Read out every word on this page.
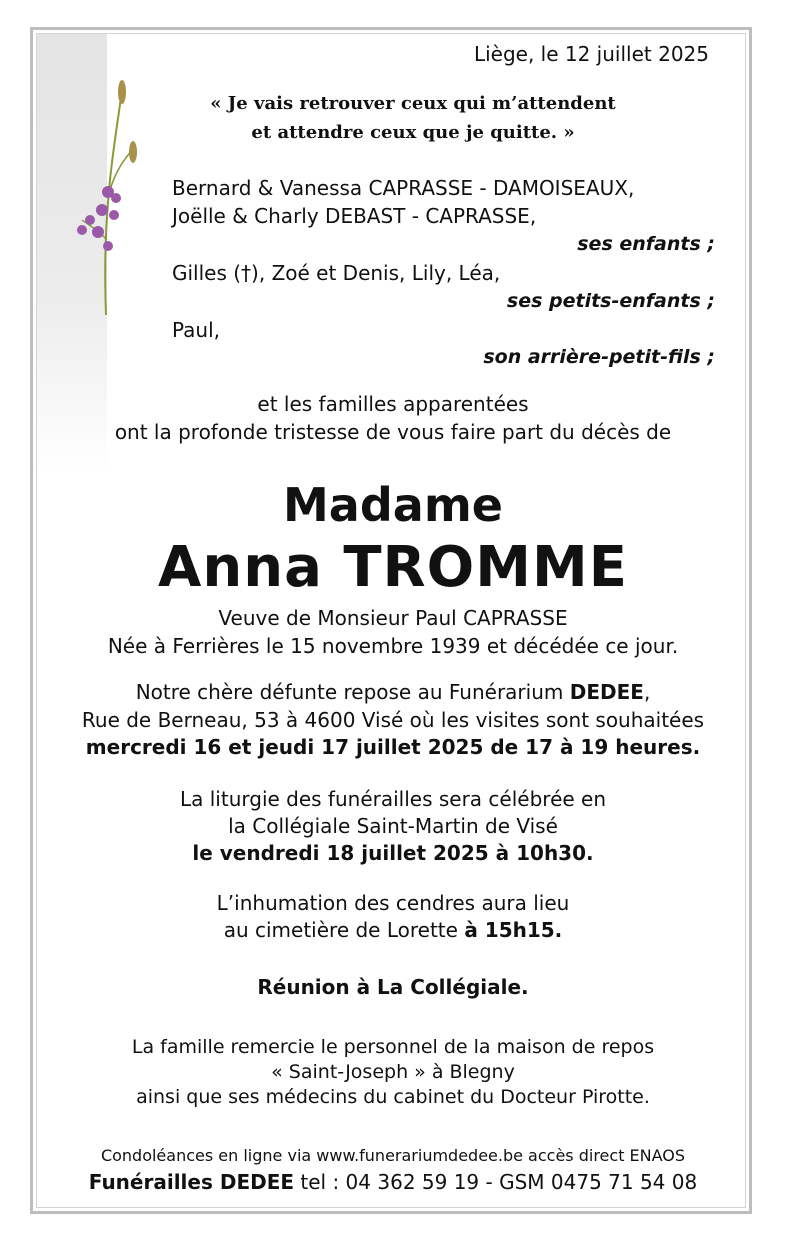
Liège, le 12 juillet 2025
« Je vais retrouver ceux qui m’attendent
et attendre ceux que je quitte. »
Bernard & Vanessa CAPRASSE - DAMOISEAUX,
Joëlle & Charly DEBAST - CAPRASSE,
ses enfants ;
Gilles (†), Zoé et Denis, Lily, Léa,
ses petits-enfants ;
Paul,
son arrière-petit-fils ;
et les familles apparentées
ont la profonde tristesse de vous faire part du décès de
Madame
Anna TROMME
Veuve de Monsieur Paul CAPRASSE
Née à Ferrières le 15 novembre 1939 et décédée ce jour.
Notre chère défunte repose au Funérarium DEDEE,
Rue de Berneau, 53 à 4600 Visé où les visites sont souhaitées
mercredi 16 et jeudi 17 juillet 2025 de 17 à 19 heures.
La liturgie des funérailles sera célébrée en
la Collégiale Saint-Martin de Visé
le vendredi 18 juillet 2025 à 10h30.
L’inhumation des cendres aura lieu
au cimetière de Lorette à 15h15.
Réunion à La Collégiale.
La famille remercie le personnel de la maison de repos
« Saint-Joseph » à Blegny
ainsi que ses médecins du cabinet du Docteur Pirotte.
Condoléances en ligne via www.funerariumdedee.be accès direct ENAOS
Funérailles DEDEE tel : 04 362 59 19 - GSM 0475 71 54 08
